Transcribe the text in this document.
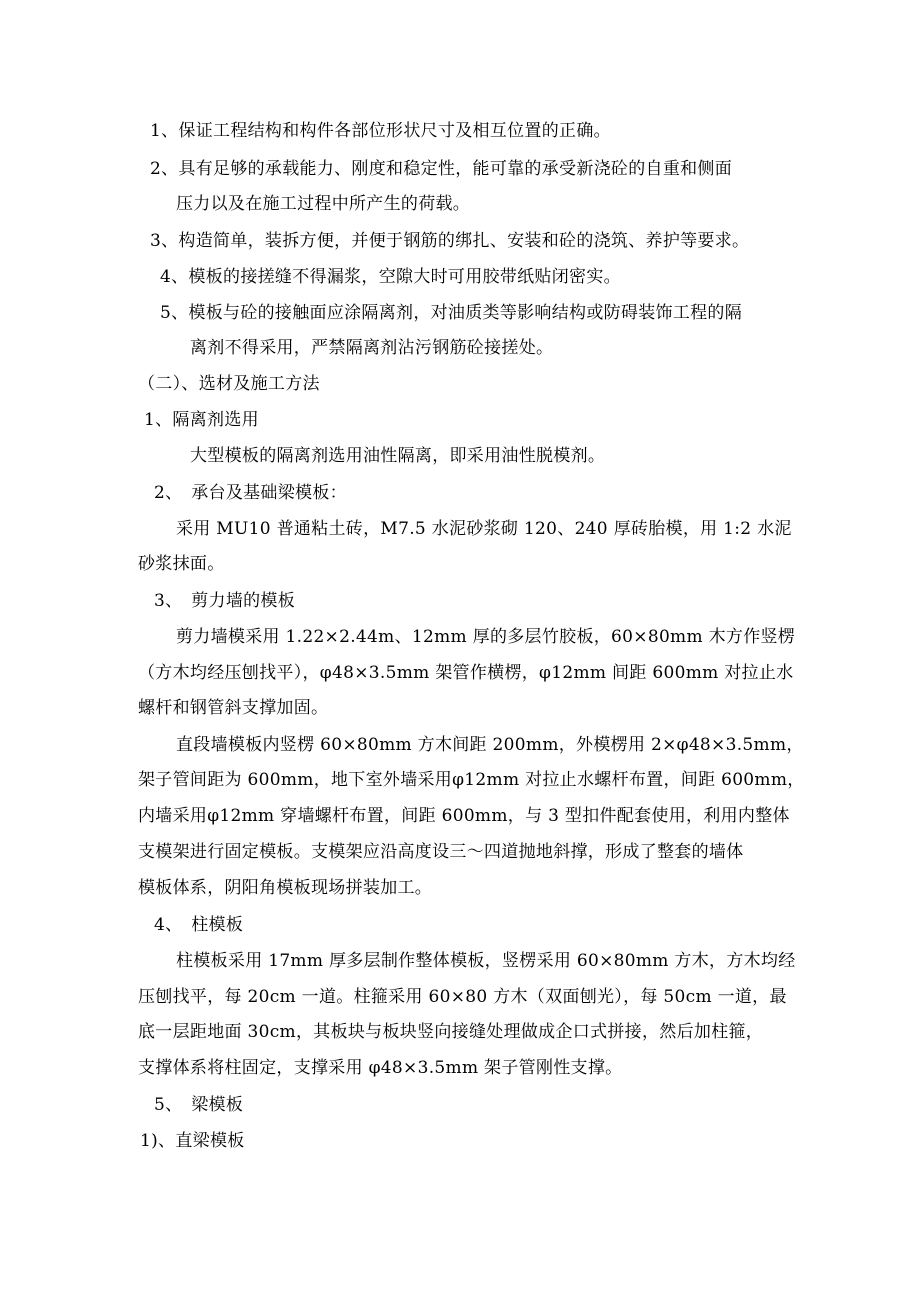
1、保证工程结构和构件各部位形状尺寸及相互位置的正确。
2、具有足够的承载能力、刚度和稳定性，能可靠的承受新浇砼的自重和侧面
压力以及在施工过程中所产生的荷载。
3、构造简单，装拆方便，并便于钢筋的绑扎、安装和砼的浇筑、养护等要求。
4、模板的接搓缝不得漏浆，空隙大时可用胶带纸贴闭密实。
5、模板与砼的接触面应涂隔离剂，对油质类等影响结构或防碍装饰工程的隔
离剂不得采用，严禁隔离剂沾污钢筋砼接搓处。
（二）、选材及施工方法
1、隔离剂选用
大型模板的隔离剂选用油性隔离，即采用油性脱模剂。
2、　承台及基础梁模板：
采用 MU10 普通粘土砖，M7.5 水泥砂浆砌 120、240 厚砖胎模，用 1:2 水泥
砂浆抹面。
3、　剪力墙的模板
剪力墙模采用 1.22×2.44m、12mm 厚的多层竹胶板，60×80mm 木方作竖楞
（方木均经压刨找平），φ48×3.5mm 架管作横楞，φ12mm 间距 600mm 对拉止水
螺杆和钢管斜支撑加固。
直段墙模板内竖楞 60×80mm 方木间距 200mm，外模楞用 2×φ48×3.5mm，
架子管间距为 600mm，地下室外墙采用φ12mm 对拉止水螺杆布置，间距 600mm，
内墙采用φ12mm 穿墙螺杆布置，间距 600mm，与 3 型扣件配套使用，利用内整体
支模架进行固定模板。支模架应沿高度设三～四道抛地斜撑，形成了整套的墙体
模板体系，阴阳角模板现场拼装加工。
4、　柱模板
柱模板采用 17mm 厚多层制作整体模板，竖楞采用 60×80mm 方木，方木均经
压刨找平，每 20cm 一道。柱箍采用 60×80 方木（双面刨光），每 50cm 一道，最
底一层距地面 30cm，其板块与板块竖向接缝处理做成企口式拼接，然后加柱箍，
支撑体系将柱固定，支撑采用 φ48×3.5mm 架子管刚性支撑。
5、　梁模板
1)、直梁模板
